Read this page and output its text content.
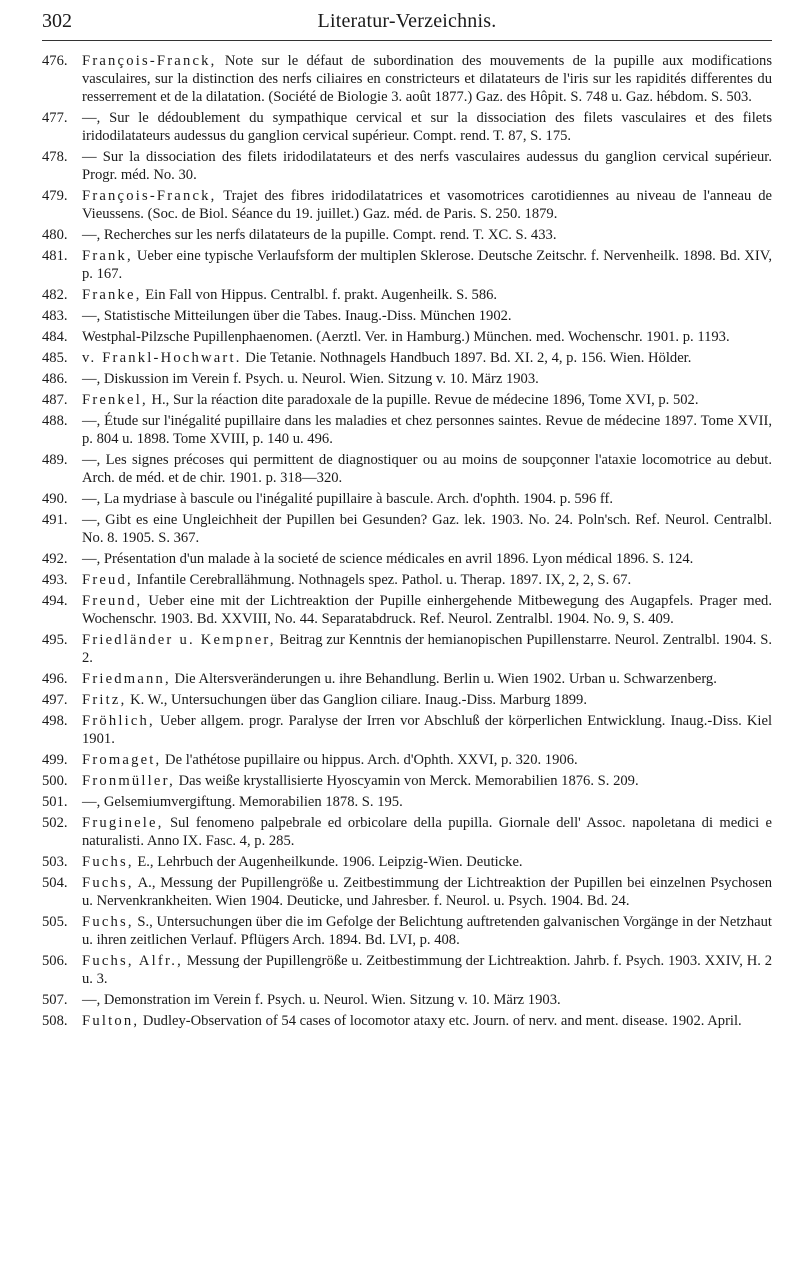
302	Literatur-Verzeichnis.
476. François-Franck, Note sur le défaut de subordination des mouvements de la pupille aux modifications vasculaires, sur la distinction des nerfs ciliaires en constricteurs et dilatateurs de l'iris sur les rapidités differentes du resserrement et de la dilatation. (Société de Biologie 3. août 1877.) Gaz. des Hôpit. S. 748 u. Gaz. hébdom. S. 503.
477. —, Sur le dédoublement du sympathique cervical et sur la dissociation des filets vasculaires et des filets iridodilatateurs audessus du ganglion cervical supérieur. Compt. rend. T. 87, S. 175.
478. — Sur la dissociation des filets iridodilatateurs et des nerfs vasculaires audessus du ganglion cervical supérieur. Progr. méd. No. 30.
479. François-Franck, Trajet des fibres iridodilatatrices et vasomotrices carotidiennes au niveau de l'anneau de Vieussens. (Soc. de Biol. Séance du 19. juillet.) Gaz. méd. de Paris. S. 250. 1879.
480. —, Recherches sur les nerfs dilatateurs de la pupille. Compt. rend. T. XC. S. 433.
481. Frank, Ueber eine typische Verlaufsform der multiplen Sklerose. Deutsche Zeitschr. f. Nervenheilk. 1898. Bd. XIV, p. 167.
482. Franke, Ein Fall von Hippus. Centralbl. f. prakt. Augenheilk. S. 586.
483. —, Statistische Mitteilungen über die Tabes. Inaug.-Diss. München 1902.
484. Westphal-Pilzsche Pupillenphaenomen. (Aerztl. Ver. in Hamburg.) München. med. Wochenschr. 1901. p. 1193.
485. v. Frankl-Hochwart. Die Tetanie. Nothnagels Handbuch 1897. Bd. XI. 2, 4, p. 156. Wien. Hölder.
486. —, Diskussion im Verein f. Psych. u. Neurol. Wien. Sitzung v. 10. März 1903.
487. Frenkel, H., Sur la réaction dite paradoxale de la pupille. Revue de médecine 1896, Tome XVI, p. 502.
488. —, Étude sur l'inégalité pupillaire dans les maladies et chez personnes saintes. Revue de médecine 1897. Tome XVII, p. 804 u. 1898. Tome XVIII, p. 140 u. 496.
489. —, Les signes précoses qui permittent de diagnostiquer ou au moins de soupçonner l'ataxie locomotrice au debut. Arch. de méd. et de chir. 1901. p. 318—320.
490. —, La mydriase à bascule ou l'inégalité pupillaire à bascule. Arch. d'ophth. 1904. p. 596 ff.
491. —, Gibt es eine Ungleichheit der Pupillen bei Gesunden? Gaz. lek. 1903. No. 24. Poln'sch. Ref. Neurol. Centralbl. No. 8. 1905. S. 367.
492. —, Présentation d'un malade à la societé de science médicales en avril 1896. Lyon médical 1896. S. 124.
493. Freud, Infantile Cerebrallähmung. Nothnagels spez. Pathol. u. Therap. 1897. IX, 2, 2, S. 67.
494. Freund, Ueber eine mit der Lichtreaktion der Pupille einhergehende Mitbewegung des Augapfels. Prager med. Wochenschr. 1903. Bd. XXVIII, No. 44. Separatabdruck. Ref. Neurol. Zentralbl. 1904. No. 9, S. 409.
495. Friedländer u. Kempner, Beitrag zur Kenntnis der hemianopischen Pupillenstarre. Neurol. Zentralbl. 1904. S. 2.
496. Friedmann, Die Altersveränderungen u. ihre Behandlung. Berlin u. Wien 1902. Urban u. Schwarzenberg.
497. Fritz, K. W., Untersuchungen über das Ganglion ciliare. Inaug.-Diss. Marburg 1899.
498. Fröhlich, Ueber allgem. progr. Paralyse der Irren vor Abschluß der körperlichen Entwicklung. Inaug.-Diss. Kiel 1901.
499. Fromaget, De l'athétose pupillaire ou hippus. Arch. d'Ophth. XXVI, p. 320. 1906.
500. Fronmüller, Das weiße krystallisierte Hyoscyamin von Merck. Memorabilien 1876. S. 209.
501. —, Gelsemiumvergiftung. Memorabilien 1878. S. 195.
502. Fruginele, Sul fenomeno palpebrale ed orbicolare della pupilla. Giornale dell' Assoc. napoletana di medici e naturalisti. Anno IX. Fasc. 4, p. 285.
503. Fuchs, E., Lehrbuch der Augenheilkunde. 1906. Leipzig-Wien. Deuticke.
504. Fuchs, A., Messung der Pupillengröße u. Zeitbestimmung der Lichtreaktion der Pupillen bei einzelnen Psychosen u. Nervenkrankheiten. Wien 1904. Deuticke, und Jahresber. f. Neurol. u. Psych. 1904. Bd. 24.
505. Fuchs, S., Untersuchungen über die im Gefolge der Belichtung auftretenden galvanischen Vorgänge in der Netzhaut u. ihren zeitlichen Verlauf. Pflügers Arch. 1894. Bd. LVI, p. 408.
506. Fuchs, Alfr., Messung der Pupillengröße u. Zeitbestimmung der Lichtreaktion. Jahrb. f. Psych. 1903. XXIV, H. 2 u. 3.
507. —, Demonstration im Verein f. Psych. u. Neurol. Wien. Sitzung v. 10. März 1903.
508. Fulton, Dudley-Observation of 54 cases of locomotor ataxy etc. Journ. of nerv. and ment. disease. 1902. April.
